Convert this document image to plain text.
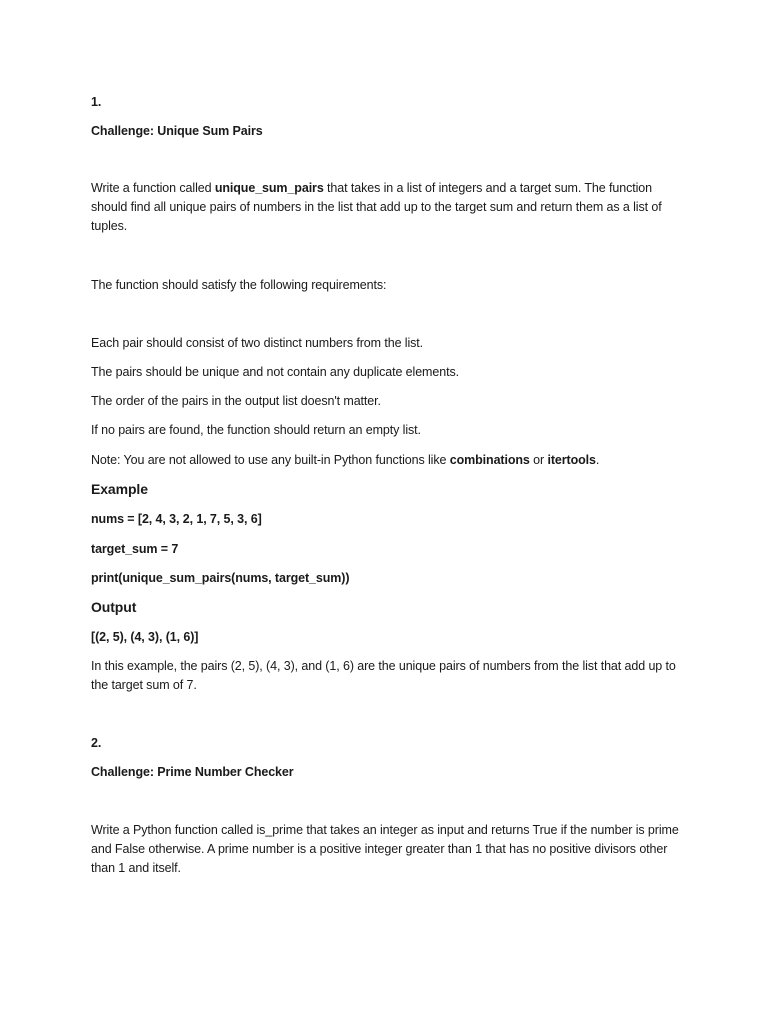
1.
Challenge: Unique Sum Pairs
Write a function called unique_sum_pairs that takes in a list of integers and a target sum. The function should find all unique pairs of numbers in the list that add up to the target sum and return them as a list of tuples.
The function should satisfy the following requirements:
Each pair should consist of two distinct numbers from the list.
The pairs should be unique and not contain any duplicate elements.
The order of the pairs in the output list doesn't matter.
If no pairs are found, the function should return an empty list.
Note: You are not allowed to use any built-in Python functions like combinations or itertools.
Example
nums = [2, 4, 3, 2, 1, 7, 5, 3, 6]
target_sum = 7
print(unique_sum_pairs(nums, target_sum))
Output
[(2, 5), (4, 3), (1, 6)]
In this example, the pairs (2, 5), (4, 3), and (1, 6) are the unique pairs of numbers from the list that add up to the target sum of 7.
2.
Challenge: Prime Number Checker
Write a Python function called is_prime that takes an integer as input and returns True if the number is prime and False otherwise. A prime number is a positive integer greater than 1 that has no positive divisors other than 1 and itself.
